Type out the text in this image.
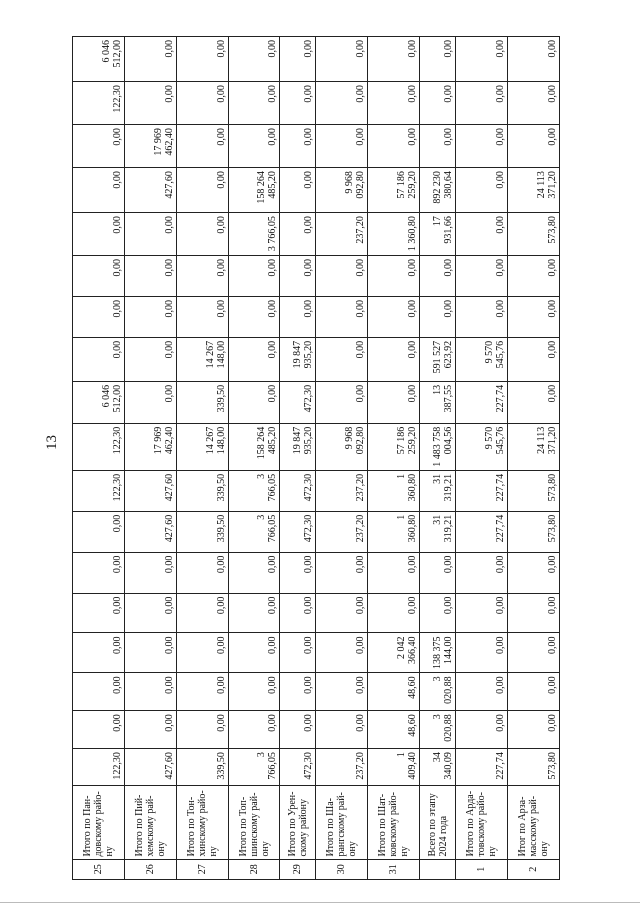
13
25	Итого по Пан-довскому райо-ну	122,30	0,00	0,00	0,00	0,00	0,00	0,00	122,30	122,30	6 046 512,00	0,00	0,00	0,00	0,00	0,00	0,00	122,30	6 046 512,00
26	Итого по Пий-хемскому рай-ону	427,60	0,00	0,00	0,00	0,00	0,00	427,60	427,60	17 969 462,40	0,00	0,00	0,00	0,00	0,00	427,60	17 969 462,40	0,00	0,00
27	Итого по Тон-хинскому райо-ну	339,50	0,00	0,00	0,00	0,00	0,00	339,50	339,50	14 267 148,00	339,50	14 267 148,00	0,00	0,00	0,00	0,00	0,00	0,00	0,00
28	Итого по Топ-шинскому рай-ону	3 766,05	0,00	0,00	0,00	0,00	0,00	3 766,05	3 766,05	158 264 485,20	0,00	0,00	0,00	0,00	3 766,05	158 264 485,20	0,00	0,00	0,00
29	Итого по Урен-скому району	472,30	0,00	0,00	0,00	0,00	0,00	472,30	472,30	19 847 935,20	472,30	19 847 935,20	0,00	0,00	0,00	0,00	0,00	0,00	0,00
30	Итого по Ша-рангскому рай-ону	237,20	0,00	0,00	0,00	0,00	0,00	237,20	237,20	9 968 092,80	0,00	0,00	0,00	0,00	237,20	9 968 092,80	0,00	0,00	0,00
31	Итого по Шат-ковскому райо-ну	1 409,40	48,60	48,60	2 042 366,40	0,00	0,00	1 360,80	1 360,80	57 186 259,20	0,00	0,00	0,00	0,00	1 360,80	57 186 259,20	0,00	0,00	0,00
	Всего по этапу 2024 года	34 340,09	3 020,88	3 020,88	138 375 144,00	0,00	0,00	31 319,21	31 319,21	1 483 758 004,56	13 387,55	591 527 623,92	0,00	0,00	17 931,66	892 230 380,64	0,00	0,00	0,00
1	Итого по Арда-товскому райо-ну	227,74	0,00	0,00	0,00	0,00	0,00	227,74	227,74	9 570 545,76	227,74	9 570 545,76	0,00	0,00	0,00	0,00	0,00	0,00	0,00
2	Итог по Арза-масскому рай-ону	573,80	0,00	0,00	0,00	0,00	0,00	573,80	573,80	24 113 371,20	0,00	0,00	0,00	0,00	573,80	24 113 371,20	0,00	0,00	0,00
